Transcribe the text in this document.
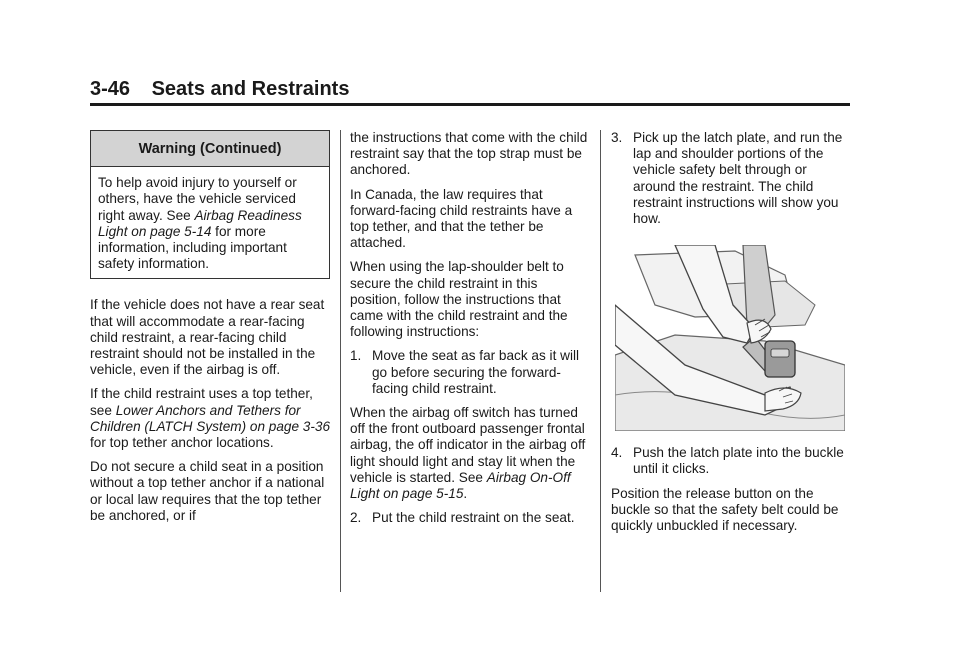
3-46 Seats and Restraints
Warning (Continued)

To help avoid injury to yourself or others, have the vehicle serviced right away. See Airbag Readiness Light on page 5-14 for more information, including important safety information.

If the vehicle does not have a rear seat that will accommodate a rear-facing child restraint, a rear-facing child restraint should not be installed in the vehicle, even if the airbag is off.

If the child restraint uses a top tether, see Lower Anchors and Tethers for Children (LATCH System) on page 3-36 for top tether anchor locations.

Do not secure a child seat in a position without a top tether anchor if a national or local law requires that the top tether be anchored, or if

the instructions that come with the child restraint say that the top strap must be anchored.

In Canada, the law requires that forward-facing child restraints have a top tether, and that the tether be attached.

When using the lap-shoulder belt to secure the child restraint in this position, follow the instructions that came with the child restraint and the following instructions:

1. Move the seat as far back as it will go before securing the forward-facing child restraint.

When the airbag off switch has turned off the front outboard passenger frontal airbag, the off indicator in the airbag off light should light and stay lit when the vehicle is started. See Airbag On-Off Light on page 5-15.

2. Put the child restraint on the seat.
3. Pick up the latch plate, and run the lap and shoulder portions of the vehicle safety belt through or around the restraint. The child restraint instructions will show you how.
4. Push the latch plate into the buckle until it clicks.

Position the release button on the buckle so that the safety belt could be quickly unbuckled if necessary.
